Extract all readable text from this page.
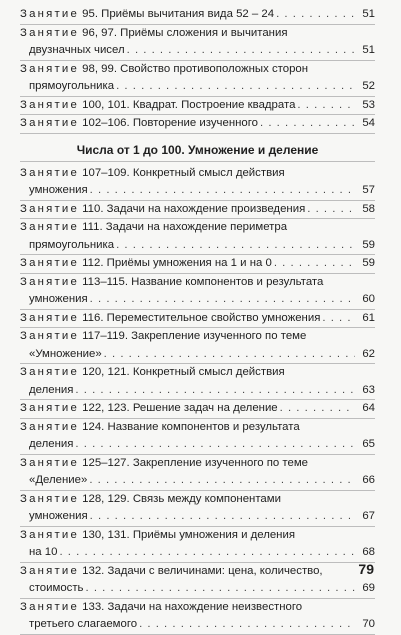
Занятие 95. Приёмы вычитания вида 52 – 24 . . .	51
Занятие 96, 97. Приёмы сложения и вычитания
двузначных чисел . . .	51
Занятие 98, 99. Свойство противоположных сторон
прямоугольника . . .	52
Занятие 100, 101. Квадрат. Построение квадрата . . .	53
Занятие 102–106. Повторение изученного . . .	54
Числа от 1 до 100. Умножение и деление
Занятие 107–109. Конкретный смысл действия
умножения . . .	57
Занятие 110. Задачи на нахождение произведения . . .	58
Занятие 111. Задачи на нахождение периметра
прямоугольника . . .	59
Занятие 112. Приёмы умножения на 1 и на 0 . . .	59
Занятие 113–115. Название компонентов и результата
умножения . . .	60
Занятие 116. Переместительное свойство умножения . . .	61
Занятие 117–119. Закрепление изученного по теме
«Умножение» . . .	62
Занятие 120, 121. Конкретный смысл действия
деления . . .	63
Занятие 122, 123. Решение задач на деление . . .	64
Занятие 124. Название компонентов и результата
деления . . .	65
Занятие 125–127. Закрепление изученного по теме
«Деление» . . .	66
Занятие 128, 129. Связь между компонентами
умножения . . .	67
Занятие 130, 131. Приёмы умножения и деления
на 10 . . .	68
Занятие 132. Задачи с величинами: цена, количество,
стоимость . . .	69
Занятие 133. Задачи на нахождение неизвестного
третьего слагаемого . . .	70
79
